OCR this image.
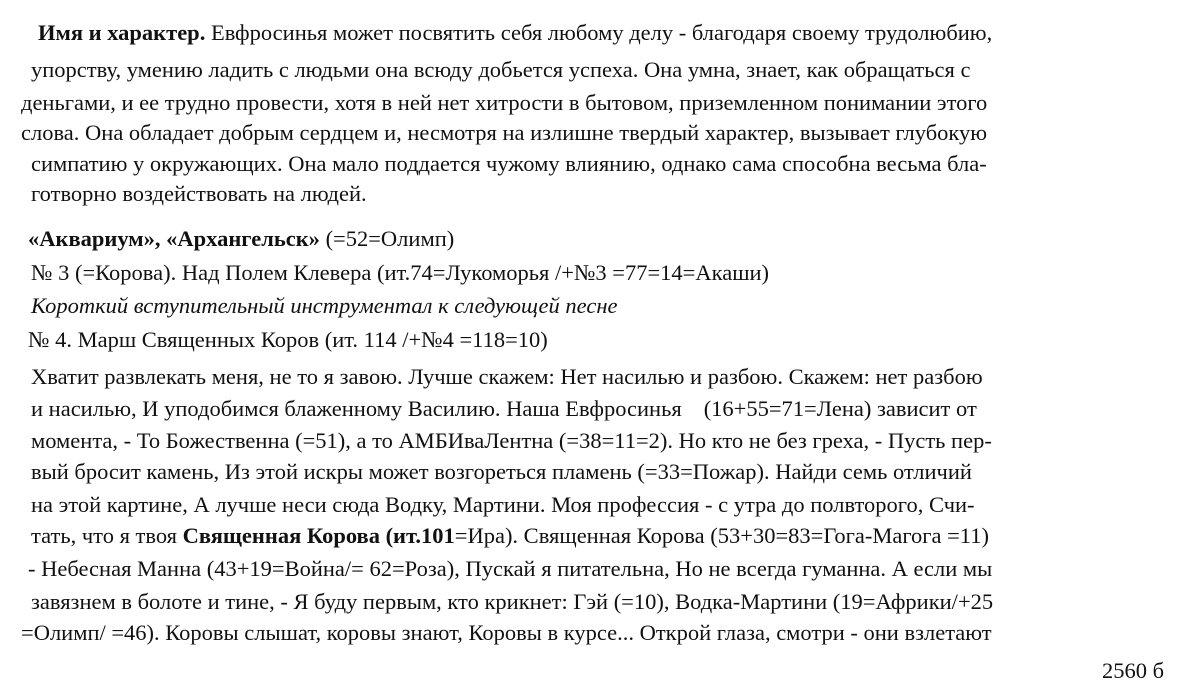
Имя и характер. Евфросинья может посвятить себя любому делу - благодаря своему трудолюбию,
упорству, умению ладить с людьми она всюду добьется успеха. Она умна, знает, как обращаться с
деньгами, и ее трудно провести, хотя в ней нет хитрости в бытовом, приземленном понимании этого
слова. Она обладает добрым сердцем и, несмотря на излишне твердый характер, вызывает глубокую
симпатию у окружающих. Она мало поддается чужому влиянию, однако сама способна весьма бла-
готворно воздействовать на людей.
«Аквариум», «Архангельск» (=52=Олимп)
№ 3 (=Корова). Над Полем Клевера (ит.74=Лукоморья /+№3 =77=14=Акаши)
Короткий вступительный инструментал к следующей песне
№ 4. Марш Священных Коров (ит. 114 /+№4 =118=10)
Хватит развлекать меня, не то я завою. Лучше скажем: Нет насилью и разбою. Скажем: нет разбою
и насилью, И уподобимся блаженному Василию. Наша Евфросинья (16+55=71=Лена) зависит от
момента, - То Божественна (=51), а то АМБИваЛентна (=38=11=2). Но кто не без греха, - Пусть пер-
вый бросит камень, Из этой искры может возгореться пламень (=33=Пожар). Найди семь отличий
на этой картине, А лучше неси сюда Водку, Мартини. Моя профессия - с утра до полвторого, Счи-
тать, что я твоя Священная Корова (ит.101=Ира). Священная Корова (53+30=83=Гога-Магога =11)
- Небесная Манна (43+19=Война/= 62=Роза), Пускай я питательна, Но не всегда гуманна. А если мы
завязнем в болоте и тине, - Я буду первым, кто крикнет: Гэй (=10), Водка-Мартини (19=Африки/+25
=Олимп/ =46). Коровы слышат, коровы знают, Коровы в курсе... Открой глаза, смотри - они взлетают
2560 б
